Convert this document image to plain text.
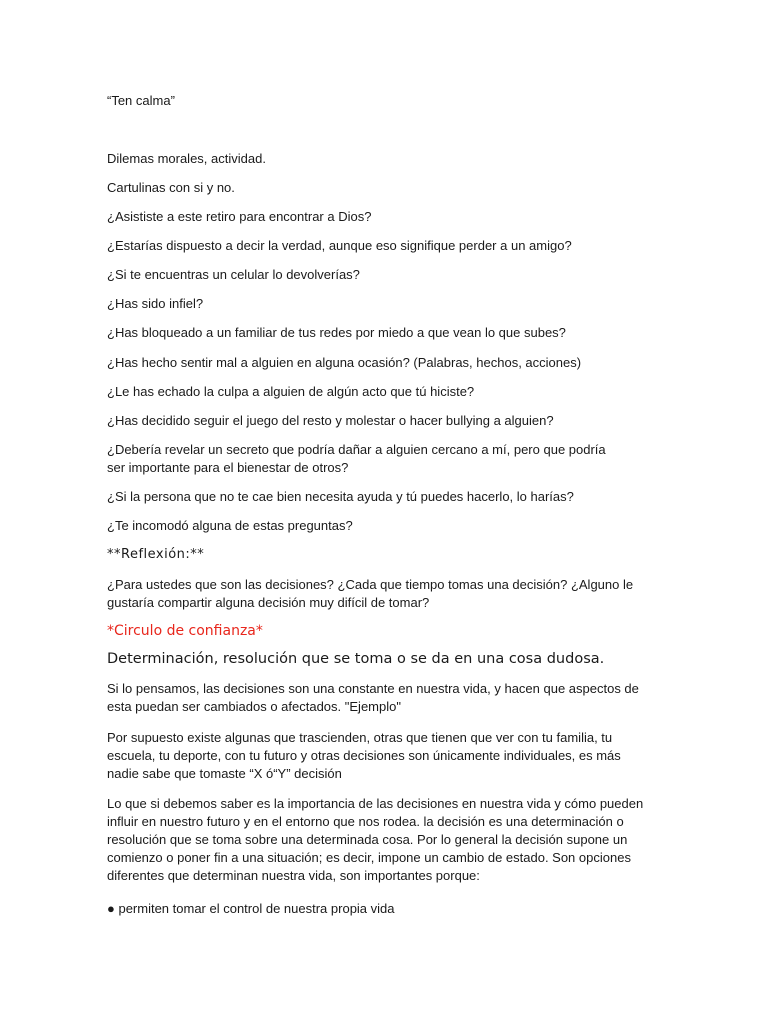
“Ten calma”

Dilemas morales, actividad.

Cartulinas con si y no.

¿Asististe a este retiro para encontrar a Dios?

¿Estarías dispuesto a decir la verdad, aunque eso signifique perder a un amigo?

¿Si te encuentras un celular lo devolverías?

¿Has sido infiel?

¿Has bloqueado a un familiar de tus redes por miedo a que vean lo que subes?

¿Has hecho sentir mal a alguien en alguna ocasión? (Palabras, hechos, acciones)

¿Le has echado la culpa a alguien de algún acto que tú hiciste?

¿Has decidido seguir el juego del resto y molestar o hacer bullying a alguien?

¿Debería revelar un secreto que podría dañar a alguien cercano a mí, pero que podría ser importante para el bienestar de otros?

¿Si la persona que no te cae bien necesita ayuda y tú puedes hacerlo, lo harías?

¿Te incomodó alguna de estas preguntas?

**Reflexión:**

¿Para ustedes que son las decisiones? ¿Cada que tiempo tomas una decisión? ¿Alguno le gustaría compartir alguna decisión muy difícil de tomar?

*Circulo de confianza*

Determinación, resolución que se toma o se da en una cosa dudosa.

Si lo pensamos, las decisiones son una constante en nuestra vida, y hacen que aspectos de esta puedan ser cambiados o afectados. "Ejemplo"

Por supuesto existe algunas que trascienden, otras que tienen que ver con tu familia, tu escuela, tu deporte, con tu futuro y otras decisiones son únicamente individuales, es más nadie sabe que tomaste “X ó“Y” decisión

Lo que si debemos saber es la importancia de las decisiones en nuestra vida y cómo pueden influir en nuestro futuro y en el entorno que nos rodea. la decisión es una determinación o resolución que se toma sobre una determinada cosa. Por lo general la decisión supone un comienzo o poner fin a una situación; es decir, impone un cambio de estado. Son opciones diferentes que determinan nuestra vida, son importantes porque:

● permiten tomar el control de nuestra propia vida
